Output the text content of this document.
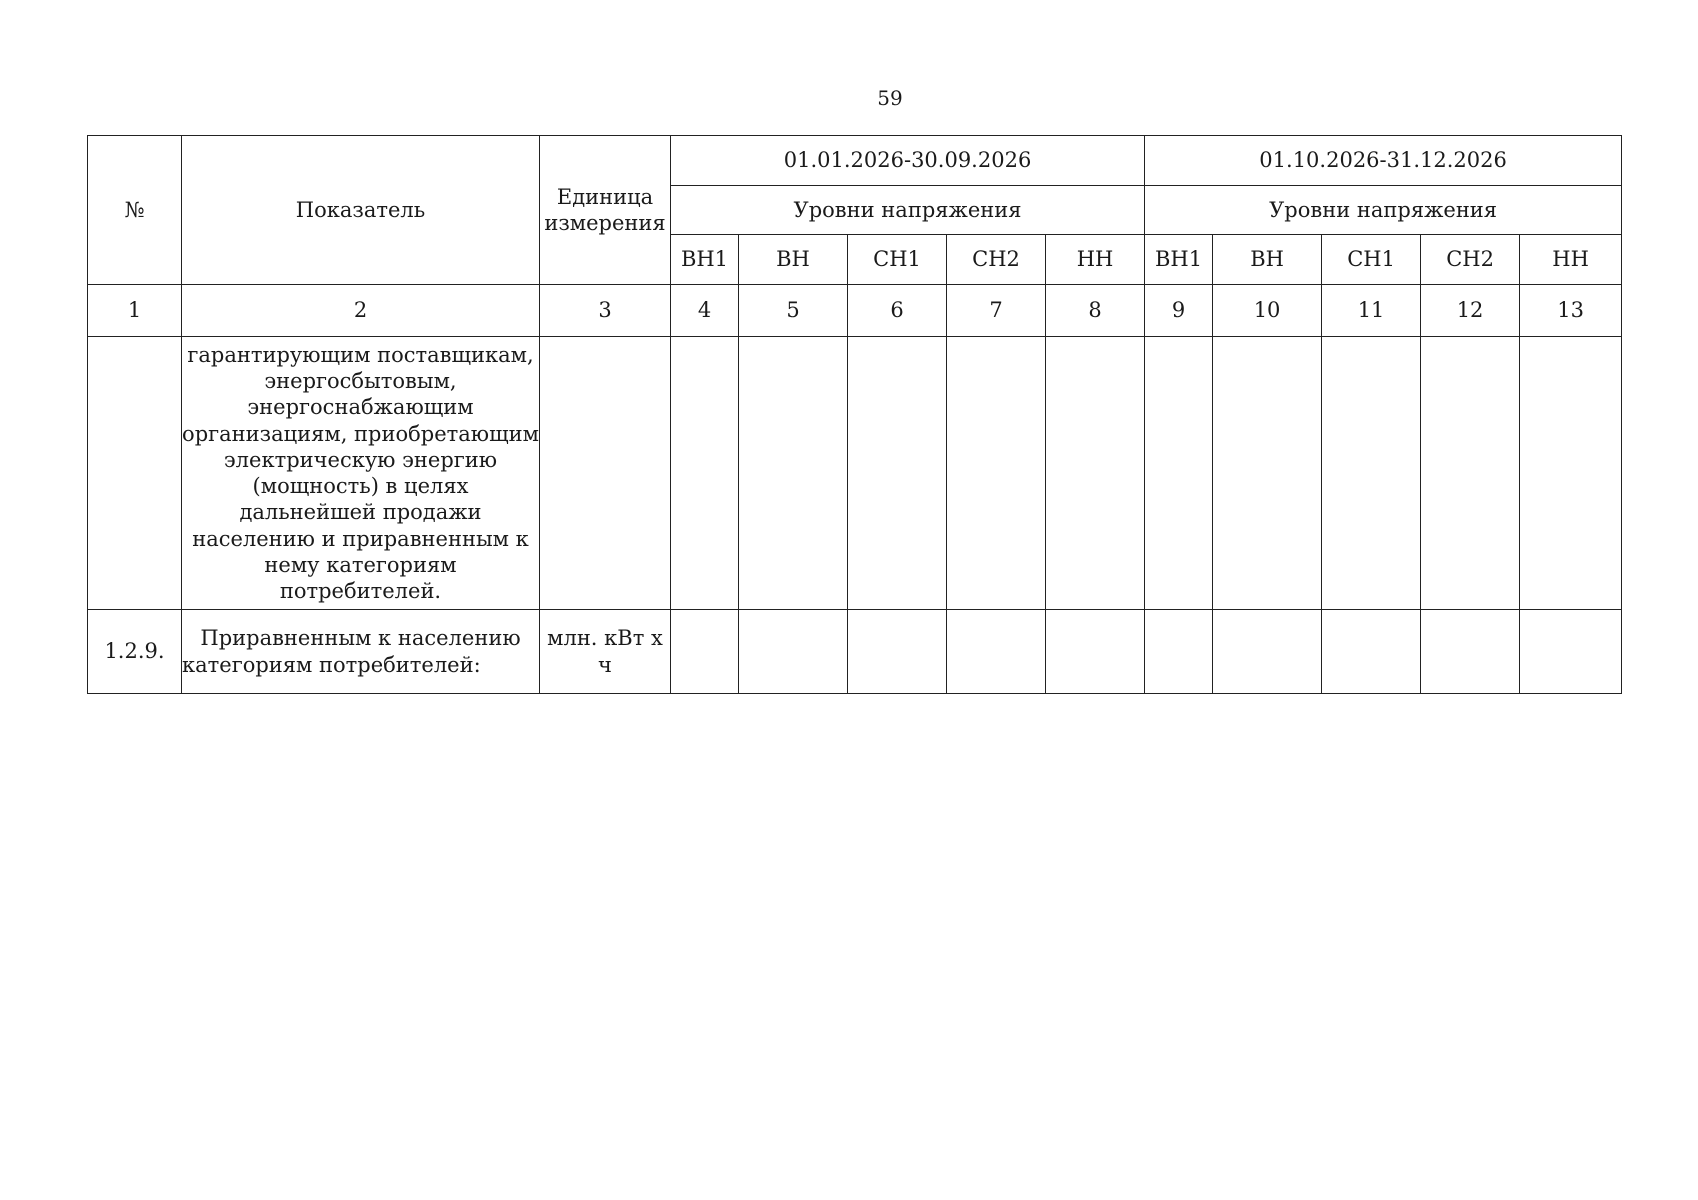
59
№	Показатель	Единица измерения	01.01.2026-30.09.2026					01.10.2026-31.12.2026				
			Уровни напряжения					Уровни напряжения				
			ВН1	ВН	СН1	СН2	НН	ВН1	ВН	СН1	СН2	НН
1	2	3	4	5	6	7	8	9	10	11	12	13
	гарантирующим поставщикам, энергосбытовым, энергоснабжающим организациям, приобретающим электрическую энергию (мощность) в целях дальнейшей продажи населению и приравненным к нему категориям потребителей.											
1.2.9.	Приравненным к населению категориям потребителей:	млн. кВт х ч										
